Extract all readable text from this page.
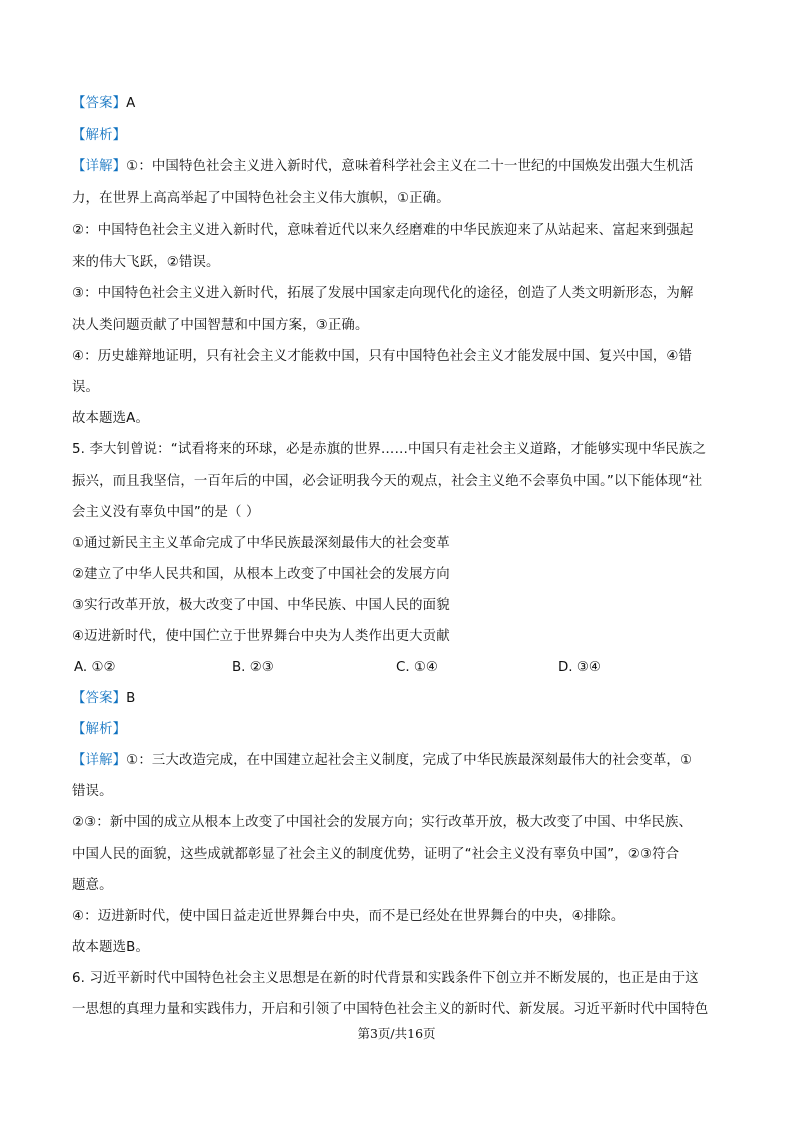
【答案】A
【解析】
【详解】①：中国特色社会主义进入新时代，意味着科学社会主义在二十一世纪的中国焕发出强大生机活
力，在世界上高高举起了中国特色社会主义伟大旗帜，①正确。
②：中国特色社会主义进入新时代，意味着近代以来久经磨难的中华民族迎来了从站起来、富起来到强起
来的伟大飞跃，②错误。
③：中国特色社会主义进入新时代，拓展了发展中国家走向现代化的途径，创造了人类文明新形态，为解
决人类问题贡献了中国智慧和中国方案，③正确。
④：历史雄辩地证明，只有社会主义才能救中国，只有中国特色社会主义才能发展中国、复兴中国，④错
误。
故本题选A。
5. 李大钊曾说：“试看将来的环球，必是赤旗的世界……中国只有走社会主义道路，才能够实现中华民族之
振兴，而且我坚信，一百年后的中国，必会证明我今天的观点，社会主义绝不会辜负中国。”以下能体现“社
会主义没有辜负中国”的是（ ）
①通过新民主主义革命完成了中华民族最深刻最伟大的社会变革
②建立了中华人民共和国，从根本上改变了中国社会的发展方向
③实行改革开放，极大改变了中国、中华民族、中国人民的面貌
④迈进新时代，使中国伫立于世界舞台中央为人类作出更大贡献
A. ①②	B. ②③	C. ①④	D. ③④
【答案】B
【解析】
【详解】①：三大改造完成，在中国建立起社会主义制度，完成了中华民族最深刻最伟大的社会变革，①
错误。
②③：新中国的成立从根本上改变了中国社会的发展方向；实行改革开放，极大改变了中国、中华民族、
中国人民的面貌，这些成就都彰显了社会主义的制度优势，证明了“社会主义没有辜负中国”，②③符合
题意。
④：迈进新时代，使中国日益走近世界舞台中央，而不是已经处在世界舞台的中央，④排除。
故本题选B。
6. 习近平新时代中国特色社会主义思想是在新的时代背景和实践条件下创立并不断发展的，也正是由于这
一思想的真理力量和实践伟力，开启和引领了中国特色社会主义的新时代、新发展。习近平新时代中国特色
第3页/共16页
